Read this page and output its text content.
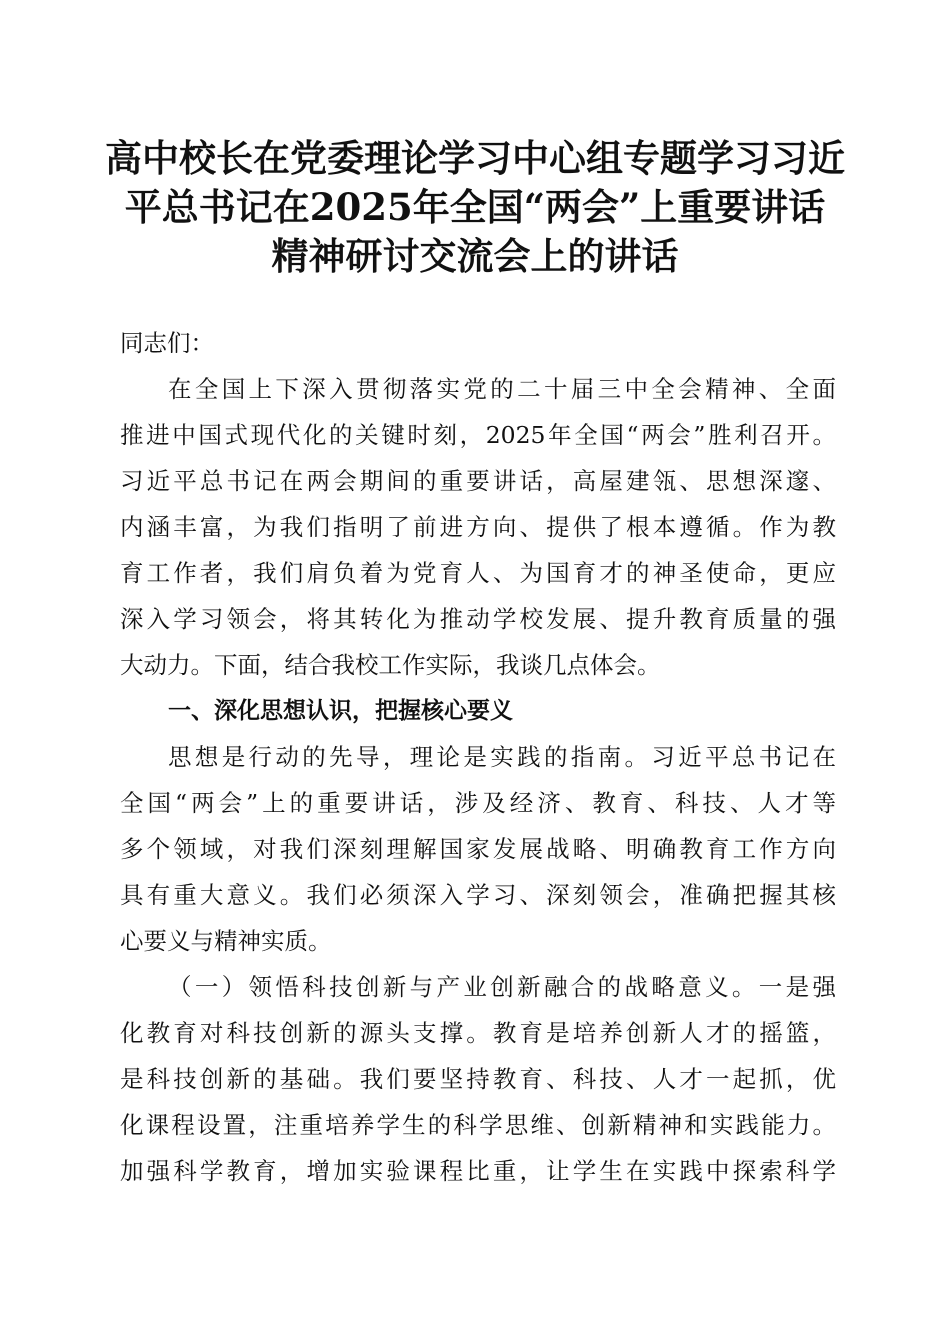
高中校长在党委理论学习中心组专题学习习近
平总书记在2025年全国“两会”上重要讲话
精神研讨交流会上的讲话
同志们：
在全国上下深入贯彻落实党的二十届三中全会精神、全面
推进中国式现代化的关键时刻，2025年全国“两会”胜利召开。
习近平总书记在两会期间的重要讲话，高屋建瓴、思想深邃、
内涵丰富，为我们指明了前进方向、提供了根本遵循。作为教
育工作者，我们肩负着为党育人、为国育才的神圣使命，更应
深入学习领会，将其转化为推动学校发展、提升教育质量的强
大动力。下面，结合我校工作实际，我谈几点体会。
一、深化思想认识，把握核心要义
思想是行动的先导，理论是实践的指南。习近平总书记在
全国“两会”上的重要讲话，涉及经济、教育、科技、人才等
多个领域，对我们深刻理解国家发展战略、明确教育工作方向
具有重大意义。我们必须深入学习、深刻领会，准确把握其核
心要义与精神实质。
（一）领悟科技创新与产业创新融合的战略意义。一是强
化教育对科技创新的源头支撑。教育是培养创新人才的摇篮，
是科技创新的基础。我们要坚持教育、科技、人才一起抓，优
化课程设置，注重培养学生的科学思维、创新精神和实践能力。
加强科学教育，增加实验课程比重，让学生在实践中探索科学
